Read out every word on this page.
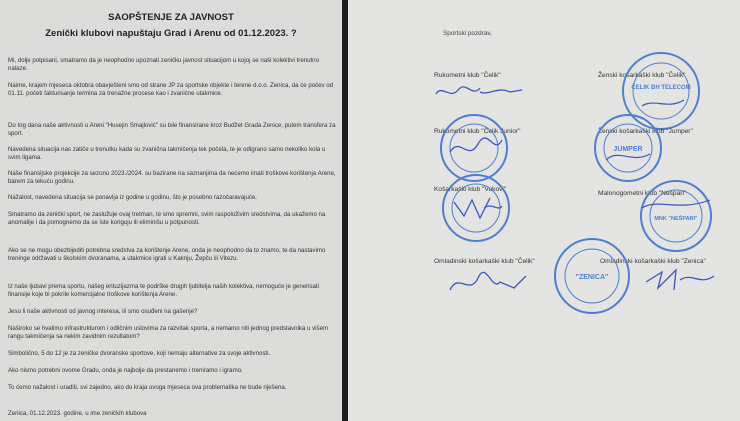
SAOPŠTENJE ZA JAVNOST
Zenički klubovi napuštaju Grad i Arenu od 01.12.2023. ?

Mi, dolje potpisani, smatramo da je neophodno upoznati zeničku javnost situacijom u kojoj se naši kolektivi trenutno nalaze.

Naime, krajem mjeseca oktobra obavješteni smo od strane JP za sportske objekte i terene d.o.o. Zenica, da će počev od 01.11. početi fakturisanje termina za trenažne procese kao i zvanične utakmice.

Do tog dana naše aktivnosti u Areni "Husejin Smajlović" su bile finansirane kroz Budžet Grada Zenice, putem transfera za sport.

Navedena situacija nas zatiče u trenutku kada su zvanična takmičenja tek počela, te je odigrano samo nekoliko kola u svim ligama.

Naše finansijske projekcije za sezonu 2023./2024. su bazirane na saznanjima da nećemo imati troškove korištenja Arene, barem za tekuću godinu.

Nažalost, navedena situacija se ponavlja iz godine u godinu, što je posebno razočaravajuće.

Smatramo da zenički sport, ne zaslužuje ovaj tretman, te smo spremni, svim raspoloživim sredstvima, da ukažemo na anomalije i da pomognemo da se iste koriguju ili eliminišu u potpunosti.

Ako se ne mogu obezbijediti potrebna sredstva za korištenje Arene, onda je neophodno da to znamo, te da nastavimo treninge održavati u školskim dvoranama, a utakmice igrati u Kaknju, Žepču ili Vitezu.

Iz naše ljubavi prema sportu, našeg entuzijazma te podrške drugih ljubitelja naših kolektiva, nemoguće je generisati finansije koje bi pokrile komercijalne troškove korištenja Arene.

Jesu li naše aktivnosti od javnog interesa, ili smo osuđeni na gašenje?

Naširoko se hvalimo infrastrukturom i odličnim uslovima za razvitak sporta, a nemamo niti jednog predstavnika u višem rangu takmičenja sa nekim zavidnim rezultatom?

Simbolično, 5 do 12 je za zeničke dvoranske sportove, koji nemaju alternative za svoje aktivnosti.

Ako nismo potrebni ovome Gradu, onda je najbolje da prestanemo i treniramo i igramo.

To ćemo nažalost i uraditi, svi zajedno, ako do kraja ovoga mjeseca ova problematika ne bude riješena.

Zenica, 01.12.2023. godine, u ime zeničkih klubova

Sportski pozdrav,
Rukometni klub "Čelik"	Ženski košarkaški klub "Čelik"
ČELIK BH TELECOM
Rukometni klub "Čelik Junior"	Ženski košarkaški klub "Jumper"
JUMPER
Košarkaški klub "Vukovi"
Malonogometni klub "Nešpari"
MNK "NEŠPARI"
Omladinski košarkaški klub "Čelik"	Omladinski košarkaški klub "Zenica"
"ZENICA"
